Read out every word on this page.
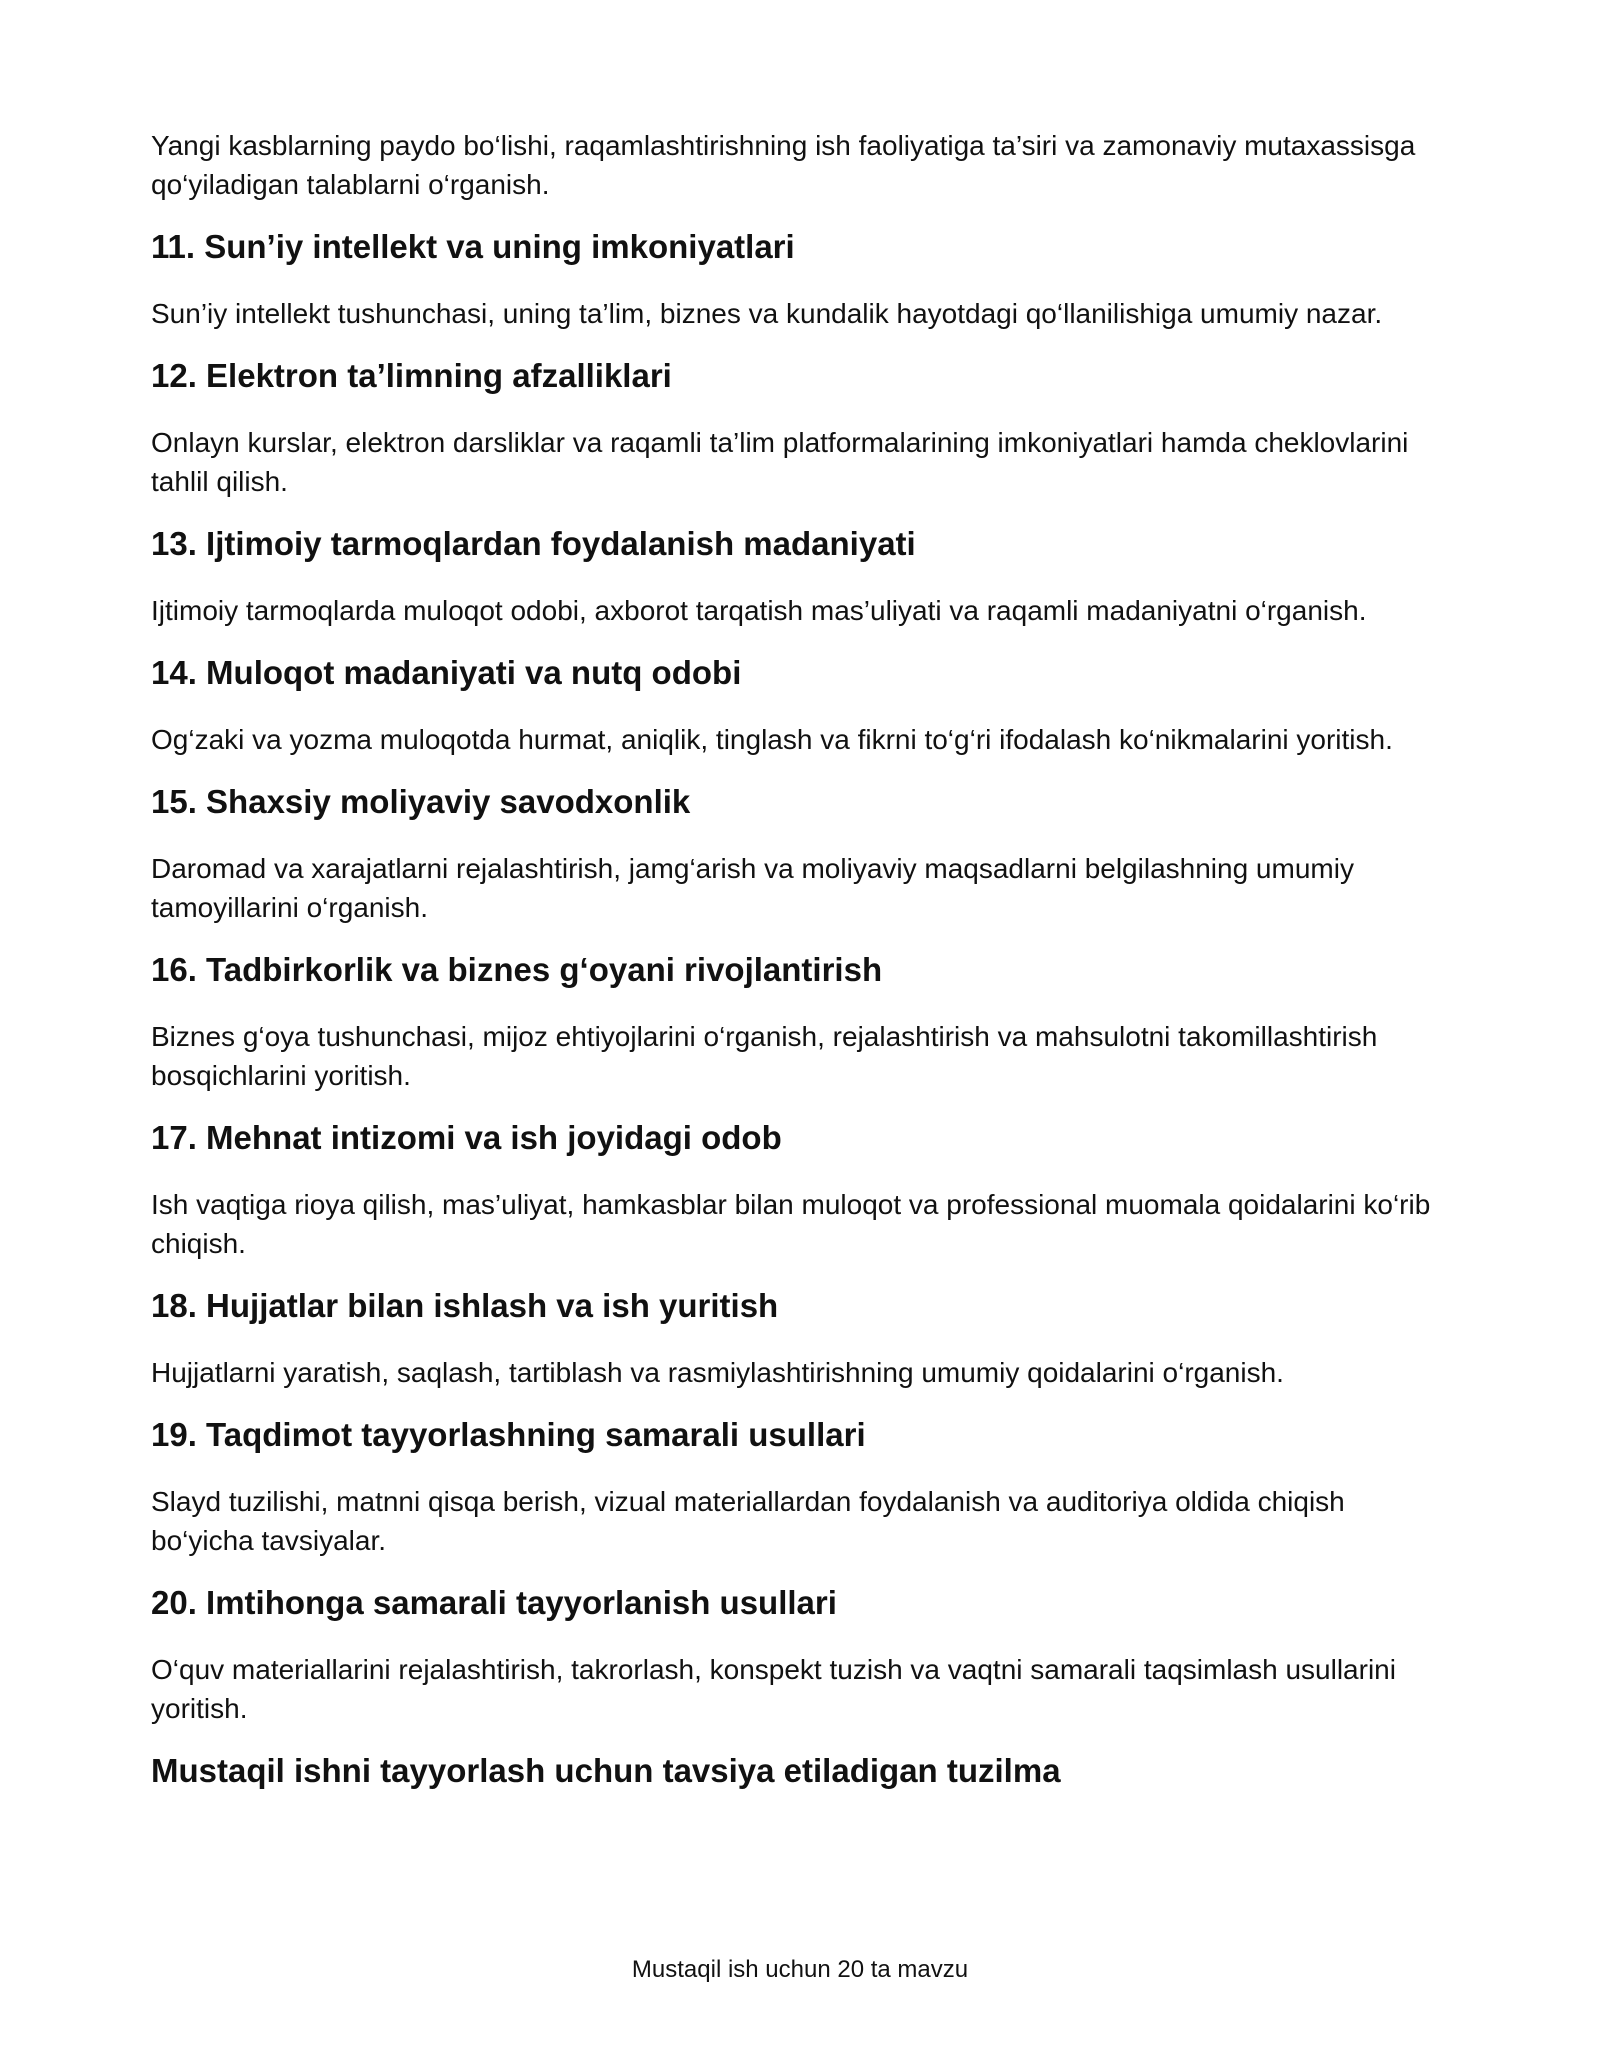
Yangi kasblarning paydo bo‘lishi, raqamlashtirishning ish faoliyatiga ta’siri va zamonaviy mutaxassisga qo‘yiladigan talablarni o‘rganish.

11. Sun’iy intellekt va uning imkoniyatlari

Sun’iy intellekt tushunchasi, uning ta’lim, biznes va kundalik hayotdagi qo‘llanilishiga umumiy nazar.

12. Elektron ta’limning afzalliklari

Onlayn kurslar, elektron darsliklar va raqamli ta’lim platformalarining imkoniyatlari hamda cheklovlarini tahlil qilish.

13. Ijtimoiy tarmoqlardan foydalanish madaniyati

Ijtimoiy tarmoqlarda muloqot odobi, axborot tarqatish mas’uliyati va raqamli madaniyatni o‘rganish.

14. Muloqot madaniyati va nutq odobi

Og‘zaki va yozma muloqotda hurmat, aniqlik, tinglash va fikrni to‘g‘ri ifodalash ko‘nikmalarini yoritish.

15. Shaxsiy moliyaviy savodxonlik

Daromad va xarajatlarni rejalashtirish, jamg‘arish va moliyaviy maqsadlarni belgilashning umumiy tamoyillarini o‘rganish.

16. Tadbirkorlik va biznes g‘oyani rivojlantirish

Biznes g‘oya tushunchasi, mijoz ehtiyojlarini o‘rganish, rejalashtirish va mahsulotni takomillashtirish bosqichlarini yoritish.

17. Mehnat intizomi va ish joyidagi odob

Ish vaqtiga rioya qilish, mas’uliyat, hamkasblar bilan muloqot va professional muomala qoidalarini ko‘rib chiqish.

18. Hujjatlar bilan ishlash va ish yuritish

Hujjatlarni yaratish, saqlash, tartiblash va rasmiylashtirishning umumiy qoidalarini o‘rganish.

19. Taqdimot tayyorlashning samarali usullari

Slayd tuzilishi, matnni qisqa berish, vizual materiallardan foydalanish va auditoriya oldida chiqish bo‘yicha tavsiyalar.

20. Imtihonga samarali tayyorlanish usullari

O‘quv materiallarini rejalashtirish, takrorlash, konspekt tuzish va vaqtni samarali taqsimlash usullarini yoritish.

Mustaqil ishni tayyorlash uchun tavsiya etiladigan tuzilma
Mustaqil ish uchun 20 ta mavzu
